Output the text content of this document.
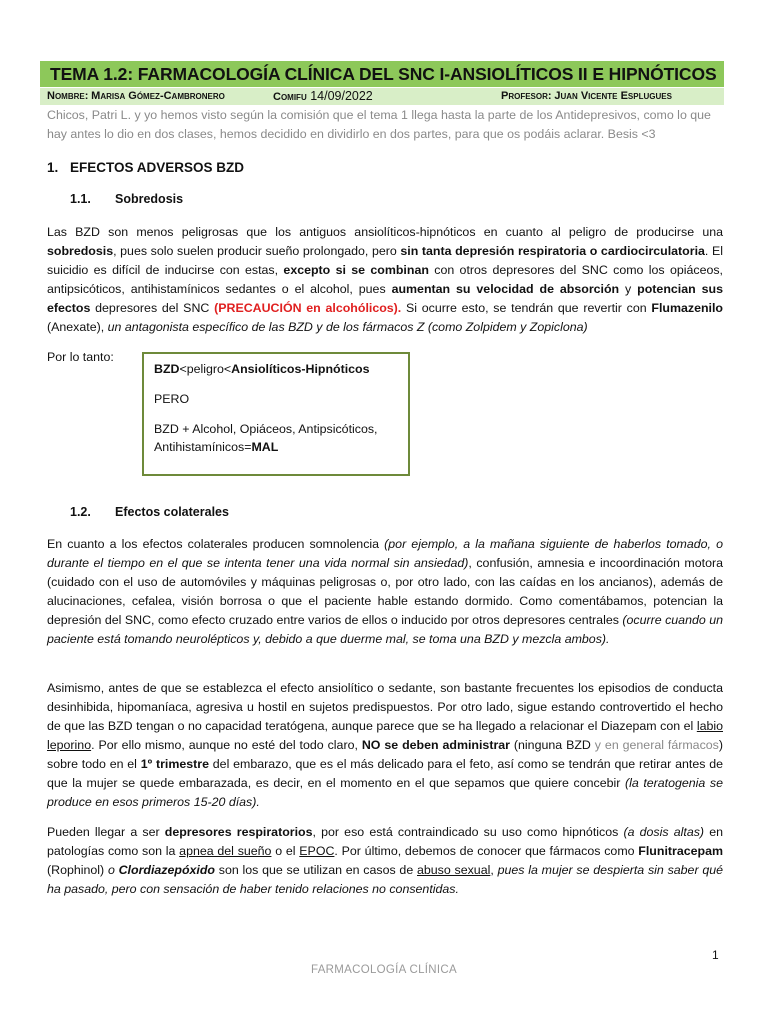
TEMA 1.2: FARMACOLOGÍA CLÍNICA DEL SNC I-ANSIOLÍTICOS II E HIPNÓTICOS
Nombre: Marisa Gómez-Cambronero	Comifu 14/09/2022	Profesor: Juan Vicente Esplugues
Chicos, Patri L. y yo hemos visto según la comisión que el tema 1 llega hasta la parte de los Antidepresivos, como lo que hay antes lo dio en dos clases, hemos decidido en dividirlo en dos partes, para que os podáis aclarar. Besis <3
1. EFECTOS ADVERSOS BZD
1.1. Sobredosis
Las BZD son menos peligrosas que los antiguos ansiolíticos-hipnóticos en cuanto al peligro de producirse una sobredosis, pues solo suelen producir sueño prolongado, pero sin tanta depresión respiratoria o cardiocirculatoria. El suicidio es difícil de inducirse con estas, excepto si se combinan con otros depresores del SNC como los opiáceos, antipsicóticos, antihistamínicos sedantes o el alcohol, pues aumentan su velocidad de absorción y potencian sus efectos depresores del SNC (PRECAUCIÓN en alcohólicos). Si ocurre esto, se tendrán que revertir con Flumazenilo (Anexate), un antagonista específico de las BZD y de los fármacos Z (como Zolpidem y Zopiclona)
Por lo tanto:

BZD<peligro<Ansiolíticos-Hipnóticos

PERO

BZD + Alcohol, Opiáceos, Antipsicóticos, Antihistamínicos=MAL

1.2. Efectos colaterales
En cuanto a los efectos colaterales producen somnolencia (por ejemplo, a la mañana siguiente de haberlos tomado, o durante el tiempo en el que se intenta tener una vida normal sin ansiedad), confusión, amnesia e incoordinación motora (cuidado con el uso de automóviles y máquinas peligrosas o, por otro lado, con las caídas en los ancianos), además de alucinaciones, cefalea, visión borrosa o que el paciente hable estando dormido. Como comentábamos, potencian la depresión del SNC, como efecto cruzado entre varios de ellos o inducido por otros depresores centrales (ocurre cuando un paciente está tomando neurolépticos y, debido a que duerme mal, se toma una BZD y mezcla ambos).
Asimismo, antes de que se establezca el efecto ansiolítico o sedante, son bastante frecuentes los episodios de conducta desinhibida, hipomaníaca, agresiva u hostil en sujetos predispuestos. Por otro lado, sigue estando controvertido el hecho de que las BZD tengan o no capacidad teratógena, aunque parece que se ha llegado a relacionar el Diazepam con el labio leporino. Por ello mismo, aunque no esté del todo claro, NO se deben administrar (ninguna BZD y en general fármacos) sobre todo en el 1º trimestre del embarazo, que es el más delicado para el feto, así como se tendrán que retirar antes de que la mujer se quede embarazada, es decir, en el momento en el que sepamos que quiere concebir (la teratogenia se produce en esos primeros 15-20 días).
Pueden llegar a ser depresores respiratorios, por eso está contraindicado su uso como hipnóticos (a dosis altas) en patologías como son la apnea del sueño o el EPOC. Por último, debemos de conocer que fármacos como Flunitracepam (Rophinol) o Clordiazepóxido son los que se utilizan en casos de abuso sexual, pues la mujer se despierta sin saber qué ha pasado, pero con sensación de haber tenido relaciones no consentidas.
1
FARMACOLOGÍA CLÍNICA
